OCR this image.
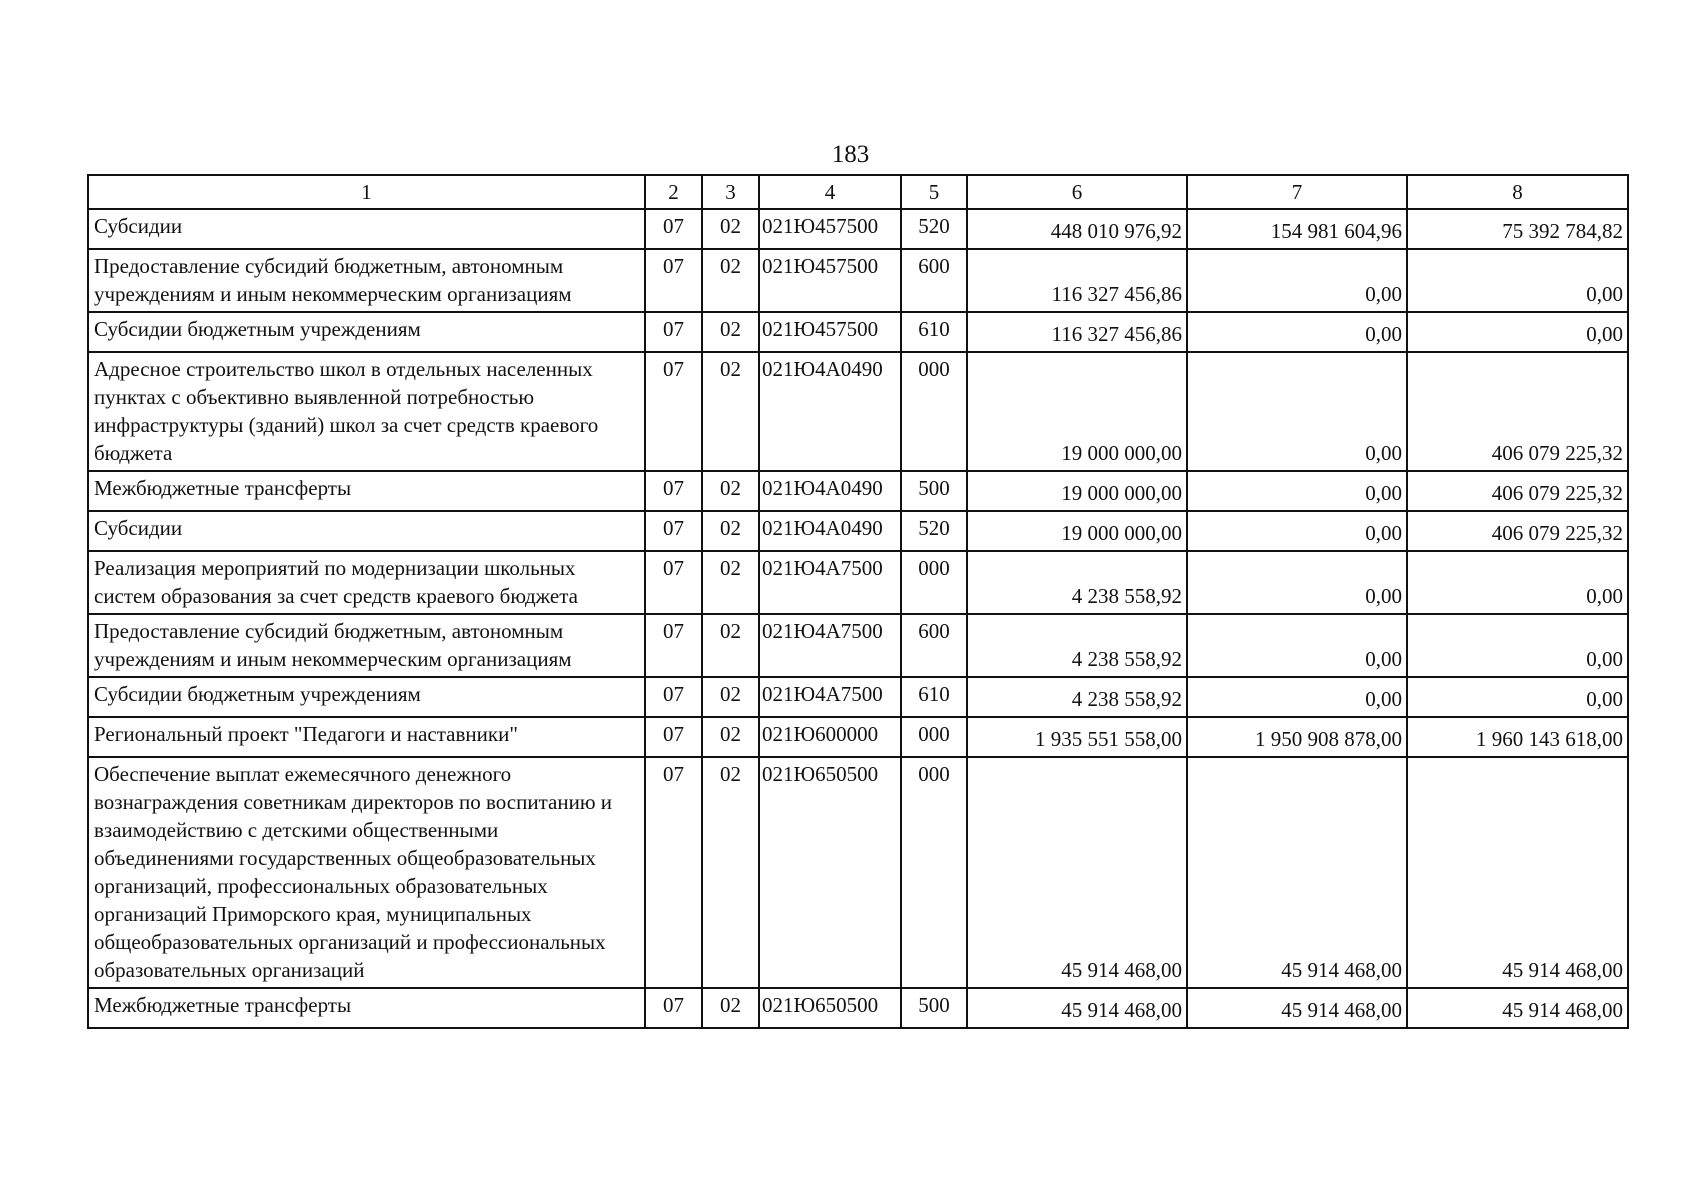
183
1	2	3	4	5	6	7	8
Субсидии	07	02	021Ю457500	520	448 010 976,92	154 981 604,96	75 392 784,82
Предоставление субсидий бюджетным, автономным учреждениям и иным некоммерческим организациям	07	02	021Ю457500	600	116 327 456,86	0,00	0,00
Субсидии бюджетным учреждениям	07	02	021Ю457500	610	116 327 456,86	0,00	0,00
Адресное строительство школ в отдельных населенных пунктах с объективно выявленной потребностью инфраструктуры (зданий) школ за счет средств краевого бюджета	07	02	021Ю4А0490	000	19 000 000,00	0,00	406 079 225,32
Межбюджетные трансферты	07	02	021Ю4А0490	500	19 000 000,00	0,00	406 079 225,32
Субсидии	07	02	021Ю4А0490	520	19 000 000,00	0,00	406 079 225,32
Реализация мероприятий по модернизации школьных систем образования за счет средств краевого бюджета	07	02	021Ю4А7500	000	4 238 558,92	0,00	0,00
Предоставление субсидий бюджетным, автономным учреждениям и иным некоммерческим организациям	07	02	021Ю4А7500	600	4 238 558,92	0,00	0,00
Субсидии бюджетным учреждениям	07	02	021Ю4А7500	610	4 238 558,92	0,00	0,00
Региональный проект "Педагоги и наставники"	07	02	021Ю600000	000	1 935 551 558,00	1 950 908 878,00	1 960 143 618,00
Обеспечение выплат ежемесячного денежного вознаграждения советникам директоров по воспитанию и взаимодействию с детскими общественными объединениями государственных общеобразовательных организаций, профессиональных образовательных организаций Приморского края, муниципальных общеобразовательных организаций и профессиональных образовательных организаций	07	02	021Ю650500	000	45 914 468,00	45 914 468,00	45 914 468,00
Межбюджетные трансферты	07	02	021Ю650500	500	45 914 468,00	45 914 468,00	45 914 468,00
